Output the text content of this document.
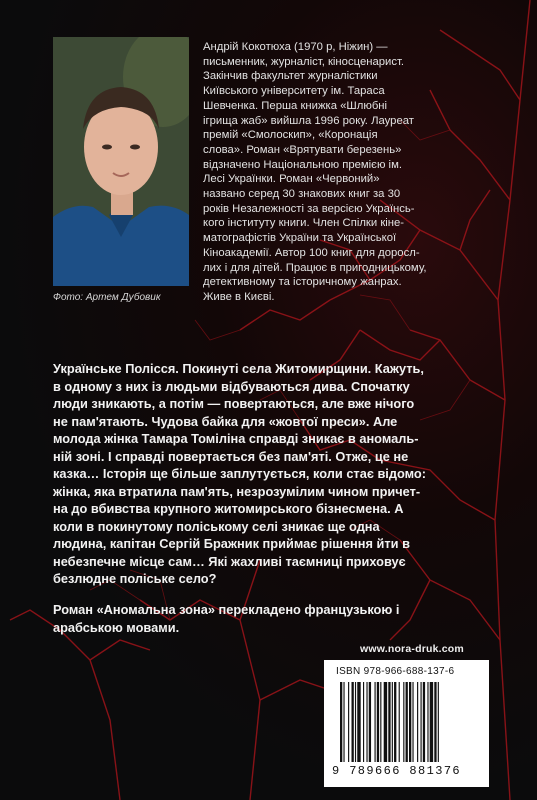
Фото: Артем Дубовик
Андрій Кокотюха (1970 р, Ніжин) —
письменник, журналіст, кіносценарист.
Закінчив факультет журналістики
Київського університету ім. Тараса
Шевченка. Перша книжка «Шлюбні
ігрища жаб» вийшла 1996 року. Лауреат
премій «Смолоскип», «Коронація
слова». Роман «Врятувати березень»
відзначено Національною премією ім.
Лесі Українки. Роман «Червоний»
названо серед 30 знакових книг за 30
років Незалежності за версією Українсь-
кого інституту книги. Член Спілки кіне-
матографістів України та Української
Кіноакадемії. Автор 100 книг для доросл-
лих і для дітей. Працює в пригодницькому,
детективному та історичному жанрах.
Живе в Києві.
Українське Полісся. Покинуті села Житомирщини. Кажуть,
в одному з них із людьми відбуваються дива. Спочатку
люди зникають, а потім — повертаються, але вже нічого
не пам'ятають. Чудова байка для «жовтої преси». Але
молода жінка Тамара Томіліна справді зникає в аномаль-
ній зоні. І справді повертається без пам'яті. Отже, це не
казка… Історія ще більше заплутується, коли стає відомо:
жінка, яка втратила пам'ять, незрозумілим чином причет-
на до вбивства крупного житомирського бізнесмена. А
коли в покинутому поліському селі зникає ще одна
людина, капітан Сергій Бражник приймає рішення йти в
небезпечне місце сам… Які жахливі таємниці приховує
безлюдне поліське село?
Роман «Аномальна зона» перекладено французькою і
арабською мовами.
www.nora-druk.com
ISBN 978-966-688-137-6
9 789666 881376
